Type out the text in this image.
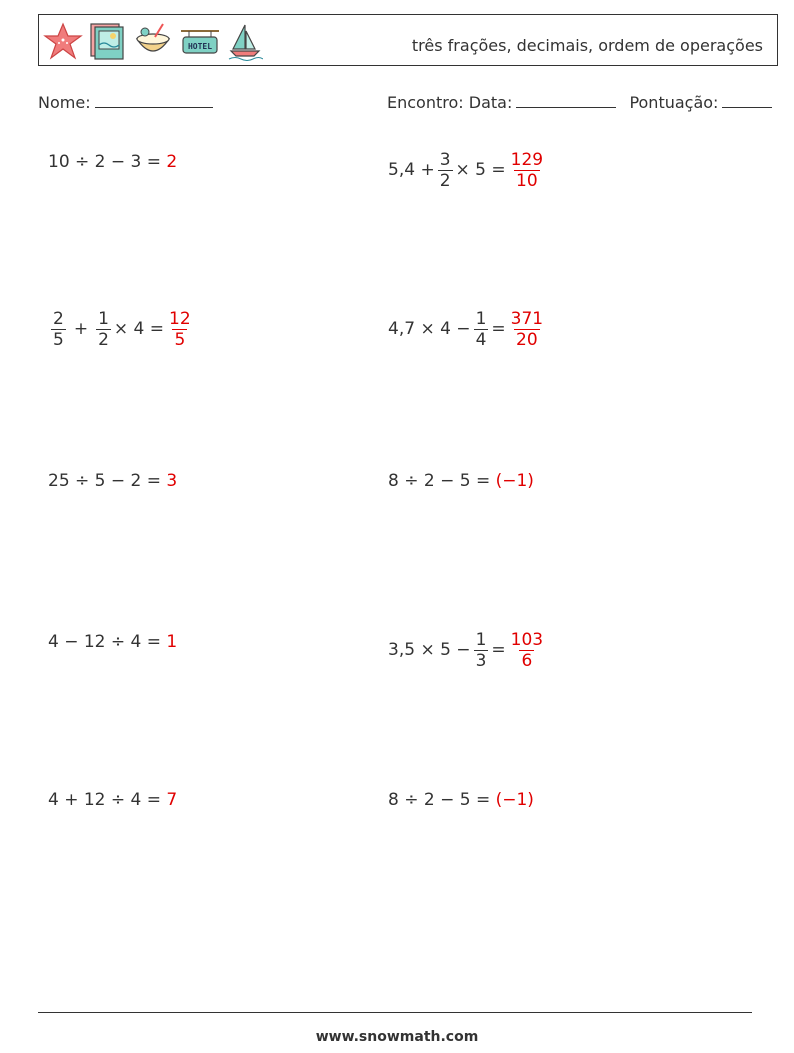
HOTEL	três frações, decimais, ordem de operações
Nome:	Encontro: Data:	Pontuação:
10 ÷ 2 − 3 =
2	$5,4 + \frac{3}{2} \times 5 = \frac{129}{10}$
$\frac{2}{5} + \frac{1}{2} \times 4 = \frac{12}{5}$	$4,7 \times 4 - \frac{1}{4} = \frac{371}{20}$
25 ÷ 5 − 2 =
3	8 ÷ 2 − 5 =
(−1)
4 − 12 ÷ 4 =
1	$3,5 \times 5 - \frac{1}{3} = \frac{103}{6}$
4 + 12 ÷ 4 =
7	8 ÷ 2 − 5 =
(−1)
www.snowmath.com
